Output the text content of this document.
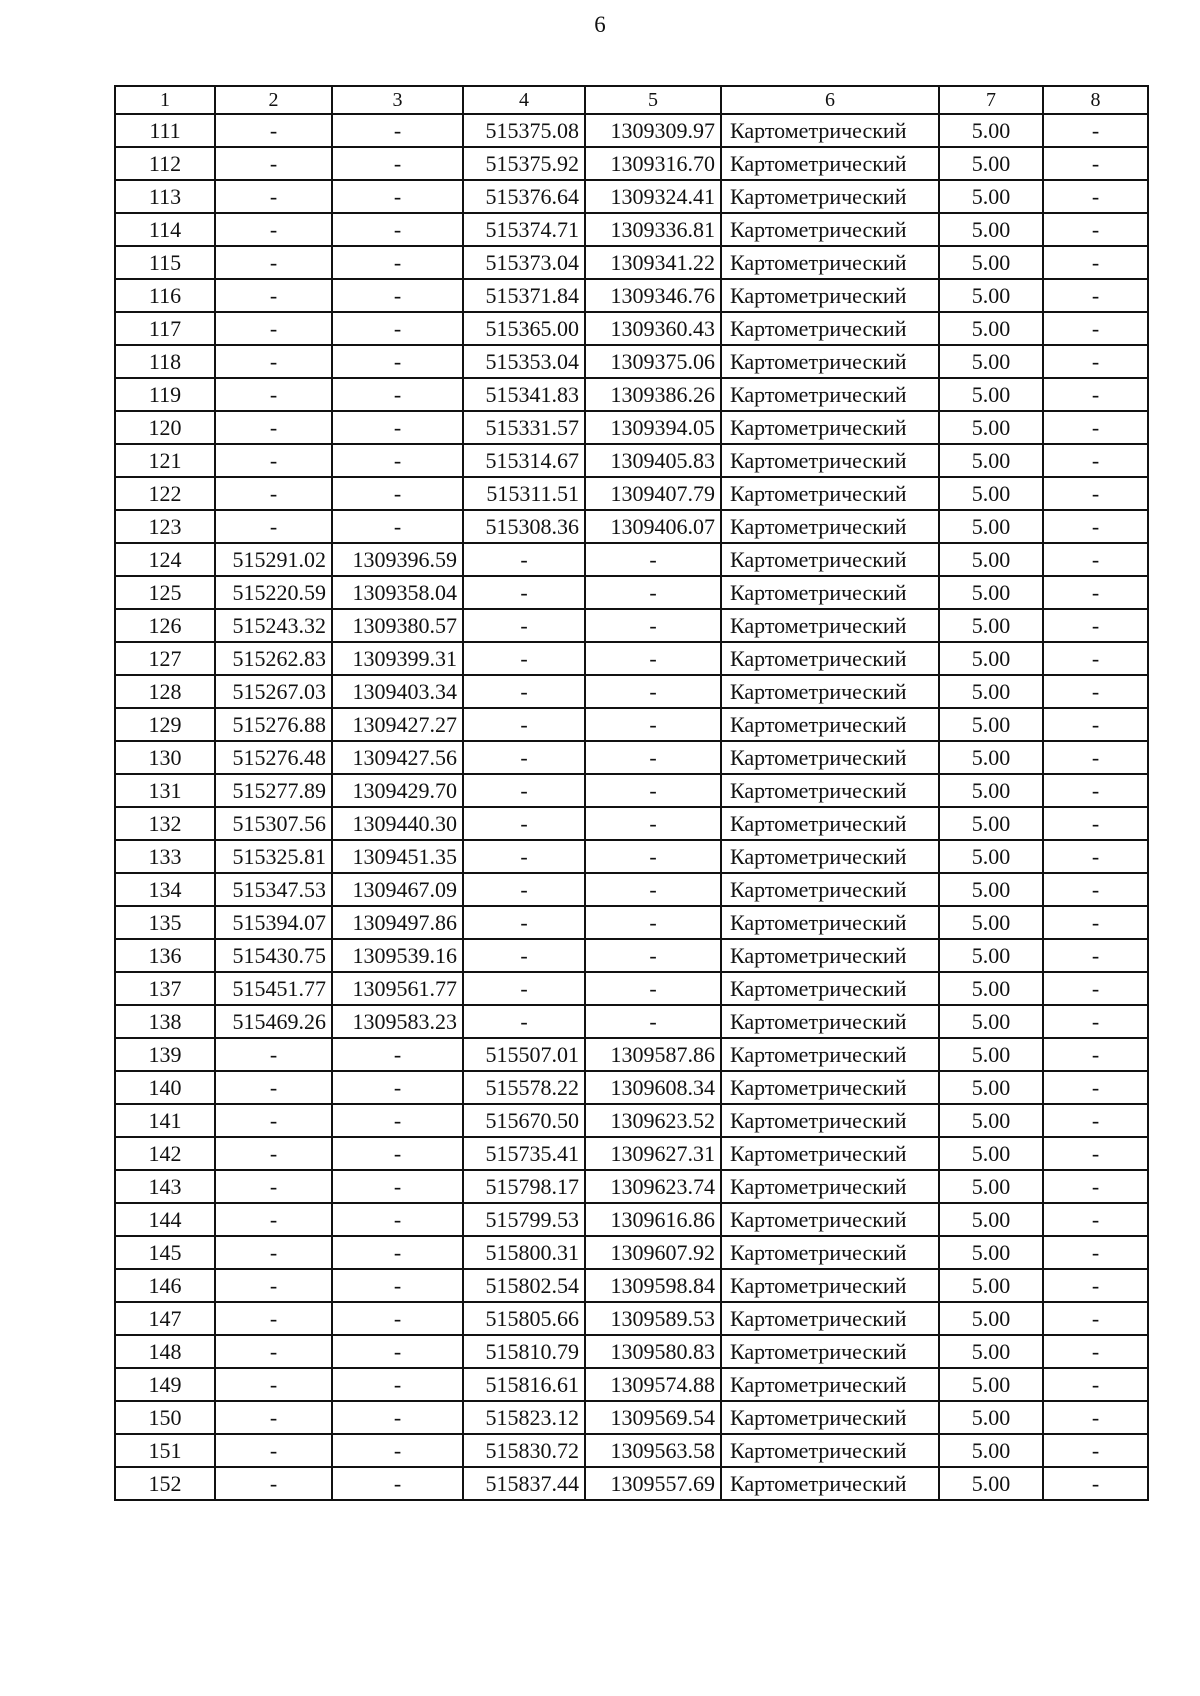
6
1	2	3	4	5	6	7	8
111	-	-	515375.08	1309309.97	Картометрический	5.00	-
112	-	-	515375.92	1309316.70	Картометрический	5.00	-
113	-	-	515376.64	1309324.41	Картометрический	5.00	-
114	-	-	515374.71	1309336.81	Картометрический	5.00	-
115	-	-	515373.04	1309341.22	Картометрический	5.00	-
116	-	-	515371.84	1309346.76	Картометрический	5.00	-
117	-	-	515365.00	1309360.43	Картометрический	5.00	-
118	-	-	515353.04	1309375.06	Картометрический	5.00	-
119	-	-	515341.83	1309386.26	Картометрический	5.00	-
120	-	-	515331.57	1309394.05	Картометрический	5.00	-
121	-	-	515314.67	1309405.83	Картометрический	5.00	-
122	-	-	515311.51	1309407.79	Картометрический	5.00	-
123	-	-	515308.36	1309406.07	Картометрический	5.00	-
124	515291.02	1309396.59	-	-	Картометрический	5.00	-
125	515220.59	1309358.04	-	-	Картометрический	5.00	-
126	515243.32	1309380.57	-	-	Картометрический	5.00	-
127	515262.83	1309399.31	-	-	Картометрический	5.00	-
128	515267.03	1309403.34	-	-	Картометрический	5.00	-
129	515276.88	1309427.27	-	-	Картометрический	5.00	-
130	515276.48	1309427.56	-	-	Картометрический	5.00	-
131	515277.89	1309429.70	-	-	Картометрический	5.00	-
132	515307.56	1309440.30	-	-	Картометрический	5.00	-
133	515325.81	1309451.35	-	-	Картометрический	5.00	-
134	515347.53	1309467.09	-	-	Картометрический	5.00	-
135	515394.07	1309497.86	-	-	Картометрический	5.00	-
136	515430.75	1309539.16	-	-	Картометрический	5.00	-
137	515451.77	1309561.77	-	-	Картометрический	5.00	-
138	515469.26	1309583.23	-	-	Картометрический	5.00	-
139	-	-	515507.01	1309587.86	Картометрический	5.00	-
140	-	-	515578.22	1309608.34	Картометрический	5.00	-
141	-	-	515670.50	1309623.52	Картометрический	5.00	-
142	-	-	515735.41	1309627.31	Картометрический	5.00	-
143	-	-	515798.17	1309623.74	Картометрический	5.00	-
144	-	-	515799.53	1309616.86	Картометрический	5.00	-
145	-	-	515800.31	1309607.92	Картометрический	5.00	-
146	-	-	515802.54	1309598.84	Картометрический	5.00	-
147	-	-	515805.66	1309589.53	Картометрический	5.00	-
148	-	-	515810.79	1309580.83	Картометрический	5.00	-
149	-	-	515816.61	1309574.88	Картометрический	5.00	-
150	-	-	515823.12	1309569.54	Картометрический	5.00	-
151	-	-	515830.72	1309563.58	Картометрический	5.00	-
152	-	-	515837.44	1309557.69	Картометрический	5.00	-
